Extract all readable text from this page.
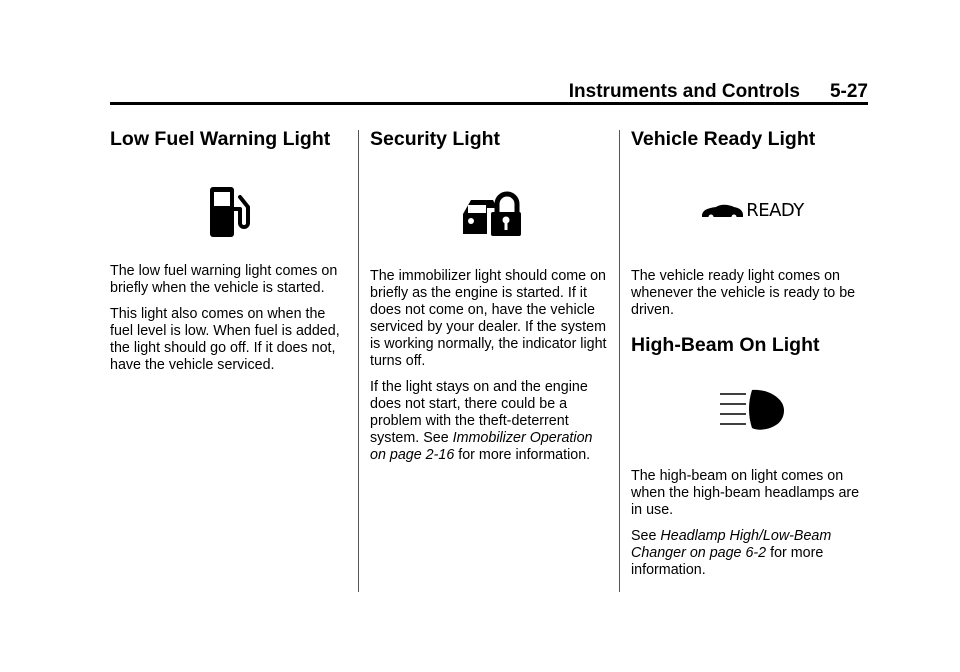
Instruments and Controls 5-27
Low Fuel Warning Light

The low fuel warning light comes on briefly when the vehicle is started.

This light also comes on when the fuel level is low. When fuel is added, the light should go off. If it does not, have the vehicle serviced.

Security Light

The immobilizer light should come on briefly as the engine is started. If it does not come on, have the vehicle serviced by your dealer. If the system is working normally, the indicator light turns off.

If the light stays on and the engine does not start, there could be a problem with the theft-deterrent system. See Immobilizer Operation on page 2-16 for more information.

Vehicle Ready Light
READY

The vehicle ready light comes on whenever the vehicle is ready to be driven.

High-Beam On Light

The high-beam on light comes on when the high-beam headlamps are in use.

See Headlamp High/Low-Beam Changer on page 6-2 for more information.
